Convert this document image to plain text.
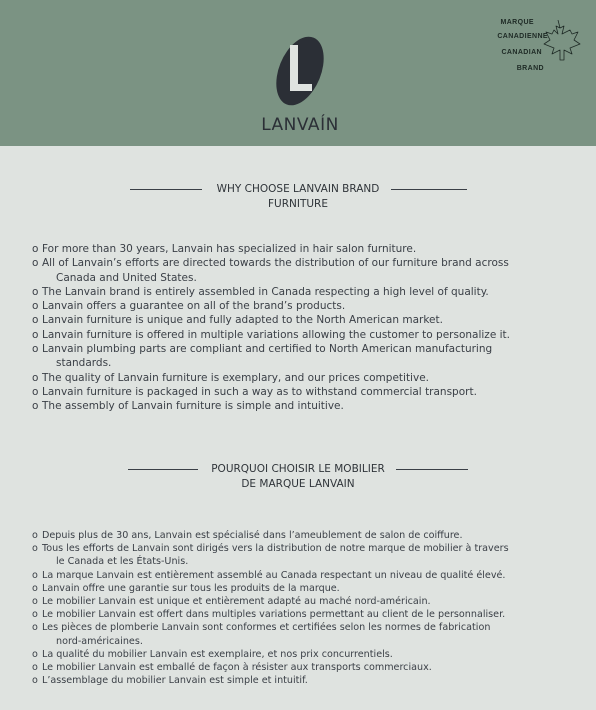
LANVAÍN
MARQUE
CANADIENNE
CANADIAN
BRAND
WHY CHOOSE LANVAIN BRAND
FURNITURE
o For more than 30 years, Lanvain has specialized in hair salon furniture.
o All of Lanvain’s efforts are directed towards the distribution of our furniture brand across
Canada and United States.
o The Lanvain brand is entirely assembled in Canada respecting a high level of quality.
o Lanvain offers a guarantee on all of the brand’s products.
o Lanvain furniture is unique and fully adapted to the North American market.
o Lanvain furniture is offered in multiple variations allowing the customer to personalize it.
o Lanvain plumbing parts are compliant and certified to North American manufacturing
standards.
o The quality of Lanvain furniture is exemplary, and our prices competitive.
o Lanvain furniture is packaged in such a way as to withstand commercial transport.
o The assembly of Lanvain furniture is simple and intuitive.
POURQUOI CHOISIR LE MOBILIER
DE MARQUE LANVAIN
o Depuis plus de 30 ans, Lanvain est spécialisé dans l’ameublement de salon de coiffure.
o Tous les efforts de Lanvain sont dirigés vers la distribution de notre marque de mobilier à travers
le Canada et les États-Unis.
o La marque Lanvain est entièrement assemblé au Canada respectant un niveau de qualité élevé.
o Lanvain offre une garantie sur tous les produits de la marque.
o Le mobilier Lanvain est unique et entièrement adapté au maché nord-américain.
o Le mobilier Lanvain est offert dans multiples variations permettant au client de le personnaliser.
o Les pièces de plomberie Lanvain sont conformes et certifiées selon les normes de fabrication
nord-américaines.
o La qualité du mobilier Lanvain est exemplaire, et nos prix concurrentiels.
o Le mobilier Lanvain est emballé de façon à résister aux transports commerciaux.
o L’assemblage du mobilier Lanvain est simple et intuitif.
